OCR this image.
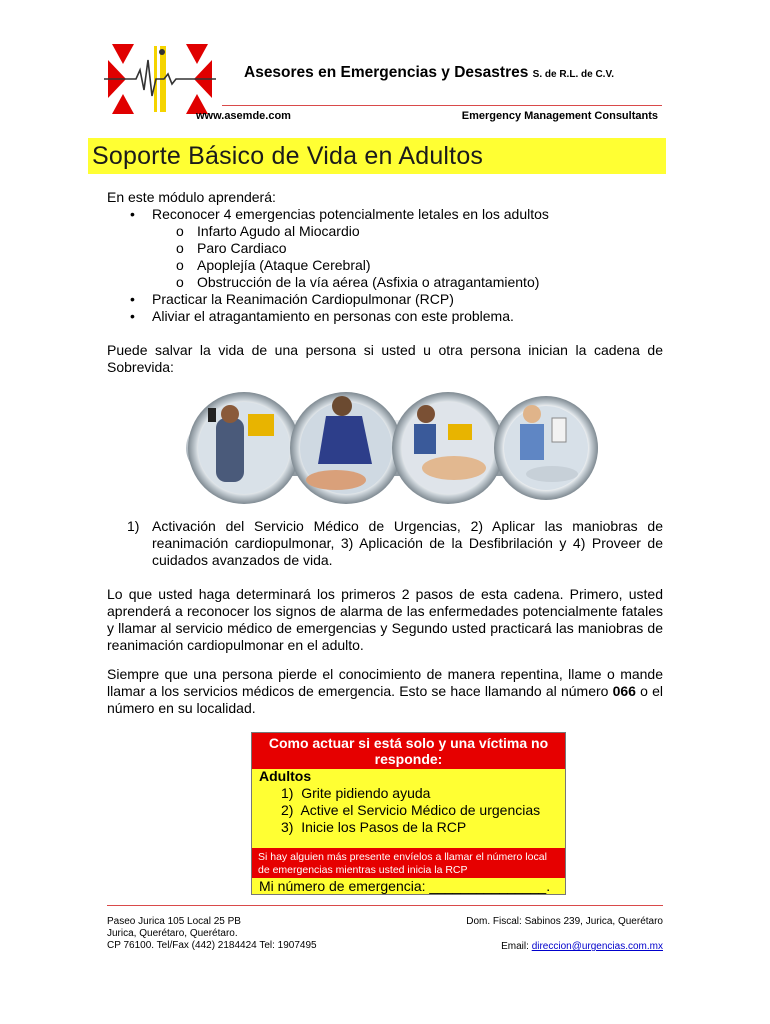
Asesores en Emergencias y Desastres S. de R.L. de C.V.
www.asemde.com	Emergency Management Consultants
Soporte Básico de Vida en Adultos
En este módulo aprenderá:
• Reconocer 4 emergencias potencialmente letales en los adultos
o Infarto Agudo al Miocardio
o Paro Cardiaco
o Apoplejía (Ataque Cerebral)
o Obstrucción de la vía aérea (Asfixia o atragantamiento)
• Practicar la Reanimación Cardiopulmonar (RCP)
• Aliviar el atragantamiento en personas con este problema.
Puede salvar la vida de una persona si usted u otra persona inician la cadena de Sobrevida:
1) Activación del Servicio Médico de Urgencias, 2) Aplicar las maniobras de reanimación cardiopulmonar, 3) Aplicación de la Desfibrilación y 4) Proveer de cuidados avanzados de vida.
Lo que usted haga determinará los primeros 2 pasos de esta cadena. Primero, usted aprenderá a reconocer los signos de alarma de las enfermedades potencialmente fatales y llamar al servicio médico de emergencias y Segundo usted practicará las maniobras de reanimación cardiopulmonar en el adulto.
Siempre que una persona pierde el conocimiento de manera repentina, llame o mande llamar a los servicios médicos de emergencia. Esto se hace llamando al número 066 o el número en su localidad.
Como actuar si está solo y una víctima no
responde:
Adultos
1) Grite pidiendo ayuda
2) Active el Servicio Médico de urgencias
3) Inicie los Pasos de la RCP
Si hay alguien más presente envíelos a llamar el número local de emergencias mientras usted inicia la RCP
Mi número de emergencia: _______________.
Paseo Jurica 105 Local 25 PB
Jurica, Querétaro, Querétaro.
CP 76100. Tel/Fax (442) 2184424 Tel: 1907495
Dom. Fiscal: Sabinos 239, Jurica, Querétaro
Email: direccion@urgencias.com.mx
